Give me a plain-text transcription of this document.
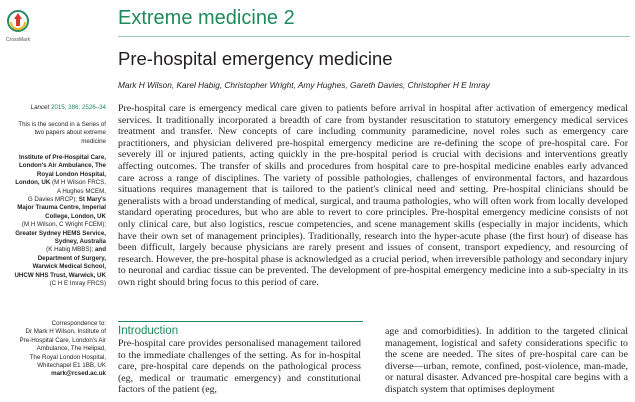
CrossMark
Extreme medicine 2
Pre-hospital emergency medicine
Mark H Wilson, Karel Habig, Christopher Wright, Amy Hughes, Gareth Davies, Christopher H E Imray
Lancet 2015; 386: 2526–34
This is the second in a Series of
two papers about extreme
medicine
Institute of Pre-Hospital Care,
London's Air Ambulance, The
Royal London Hospital,
London, UK (M H Wilson FRCS,
A Hughes MCEM,
G Davies MRCP); St Mary's
Major Trauma Centre, Imperial
College, London, UK
(M H Wilson, C Wright FCEM);
Greater Sydney HEMS Service,
Sydney, Australia
(K Habig MBBS); and
Department of Surgery,
Warwick Medical School,
UHCW NHS Trust, Warwick, UK
(C H E Imray FRCS)
Correspondence to:
Dr Mark H Wilson, Institute of
Pre-Hospital Care, London's Air
Ambulance, The Helipad,
The Royal London Hospital,
Whitechapel E1 1BB, UK
mark@rcsed.ac.uk
Pre-hospital care is emergency medical care given to patients before arrival in hospital after activation of emergency medical services. It traditionally incorporated a breadth of care from bystander resuscitation to statutory emergency medical services treatment and transfer. New concepts of care including community paramedicine, novel roles such as emergency care practitioners, and physician delivered pre-hospital emergency medicine are re-defining the scope of pre-hospital care. For severely ill or injured patients, acting quickly in the pre-hospital period is crucial with decisions and interventions greatly affecting outcomes. The transfer of skills and procedures from hospital care to pre-hospital medicine enables early advanced care across a range of disciplines. The variety of possible pathologies, challenges of environmental factors, and hazardous situations requires management that is tailored to the patient's clinical need and setting. Pre-hospital clinicians should be generalists with a broad understanding of medical, surgical, and trauma pathologies, who will often work from locally developed standard operating procedures, but who are able to revert to core principles. Pre-hospital emergency medicine consists of not only clinical care, but also logistics, rescue competencies, and scene management skills (especially in major incidents, which have their own set of management principles). Traditionally, research into the hyper-acute phase (the first hour) of disease has been difficult, largely because physicians are rarely present and issues of consent, transport expediency, and resourcing of research. However, the pre-hospital phase is acknowledged as a crucial period, when irreversible pathology and secondary injury to neuronal and cardiac tissue can be prevented. The development of pre-hospital emergency medicine into a sub-specialty in its own right should bring focus to this period of care.
Introduction
Pre-hospital care provides personalised management tailored to the immediate challenges of the setting. As for in-hospital care, pre-hospital care depends on the pathological process (eg, medical or traumatic emergency) and constitutional factors of the patient (eg,
age and comorbidities). In addition to the targeted clinical management, logistical and safety considerations specific to the scene are needed. The sites of pre-hospital care can be diverse—urban, remote, confined, post-violence, man-made, or natural disaster. Advanced pre-hospital care begins with a dispatch system that optimises deployment
